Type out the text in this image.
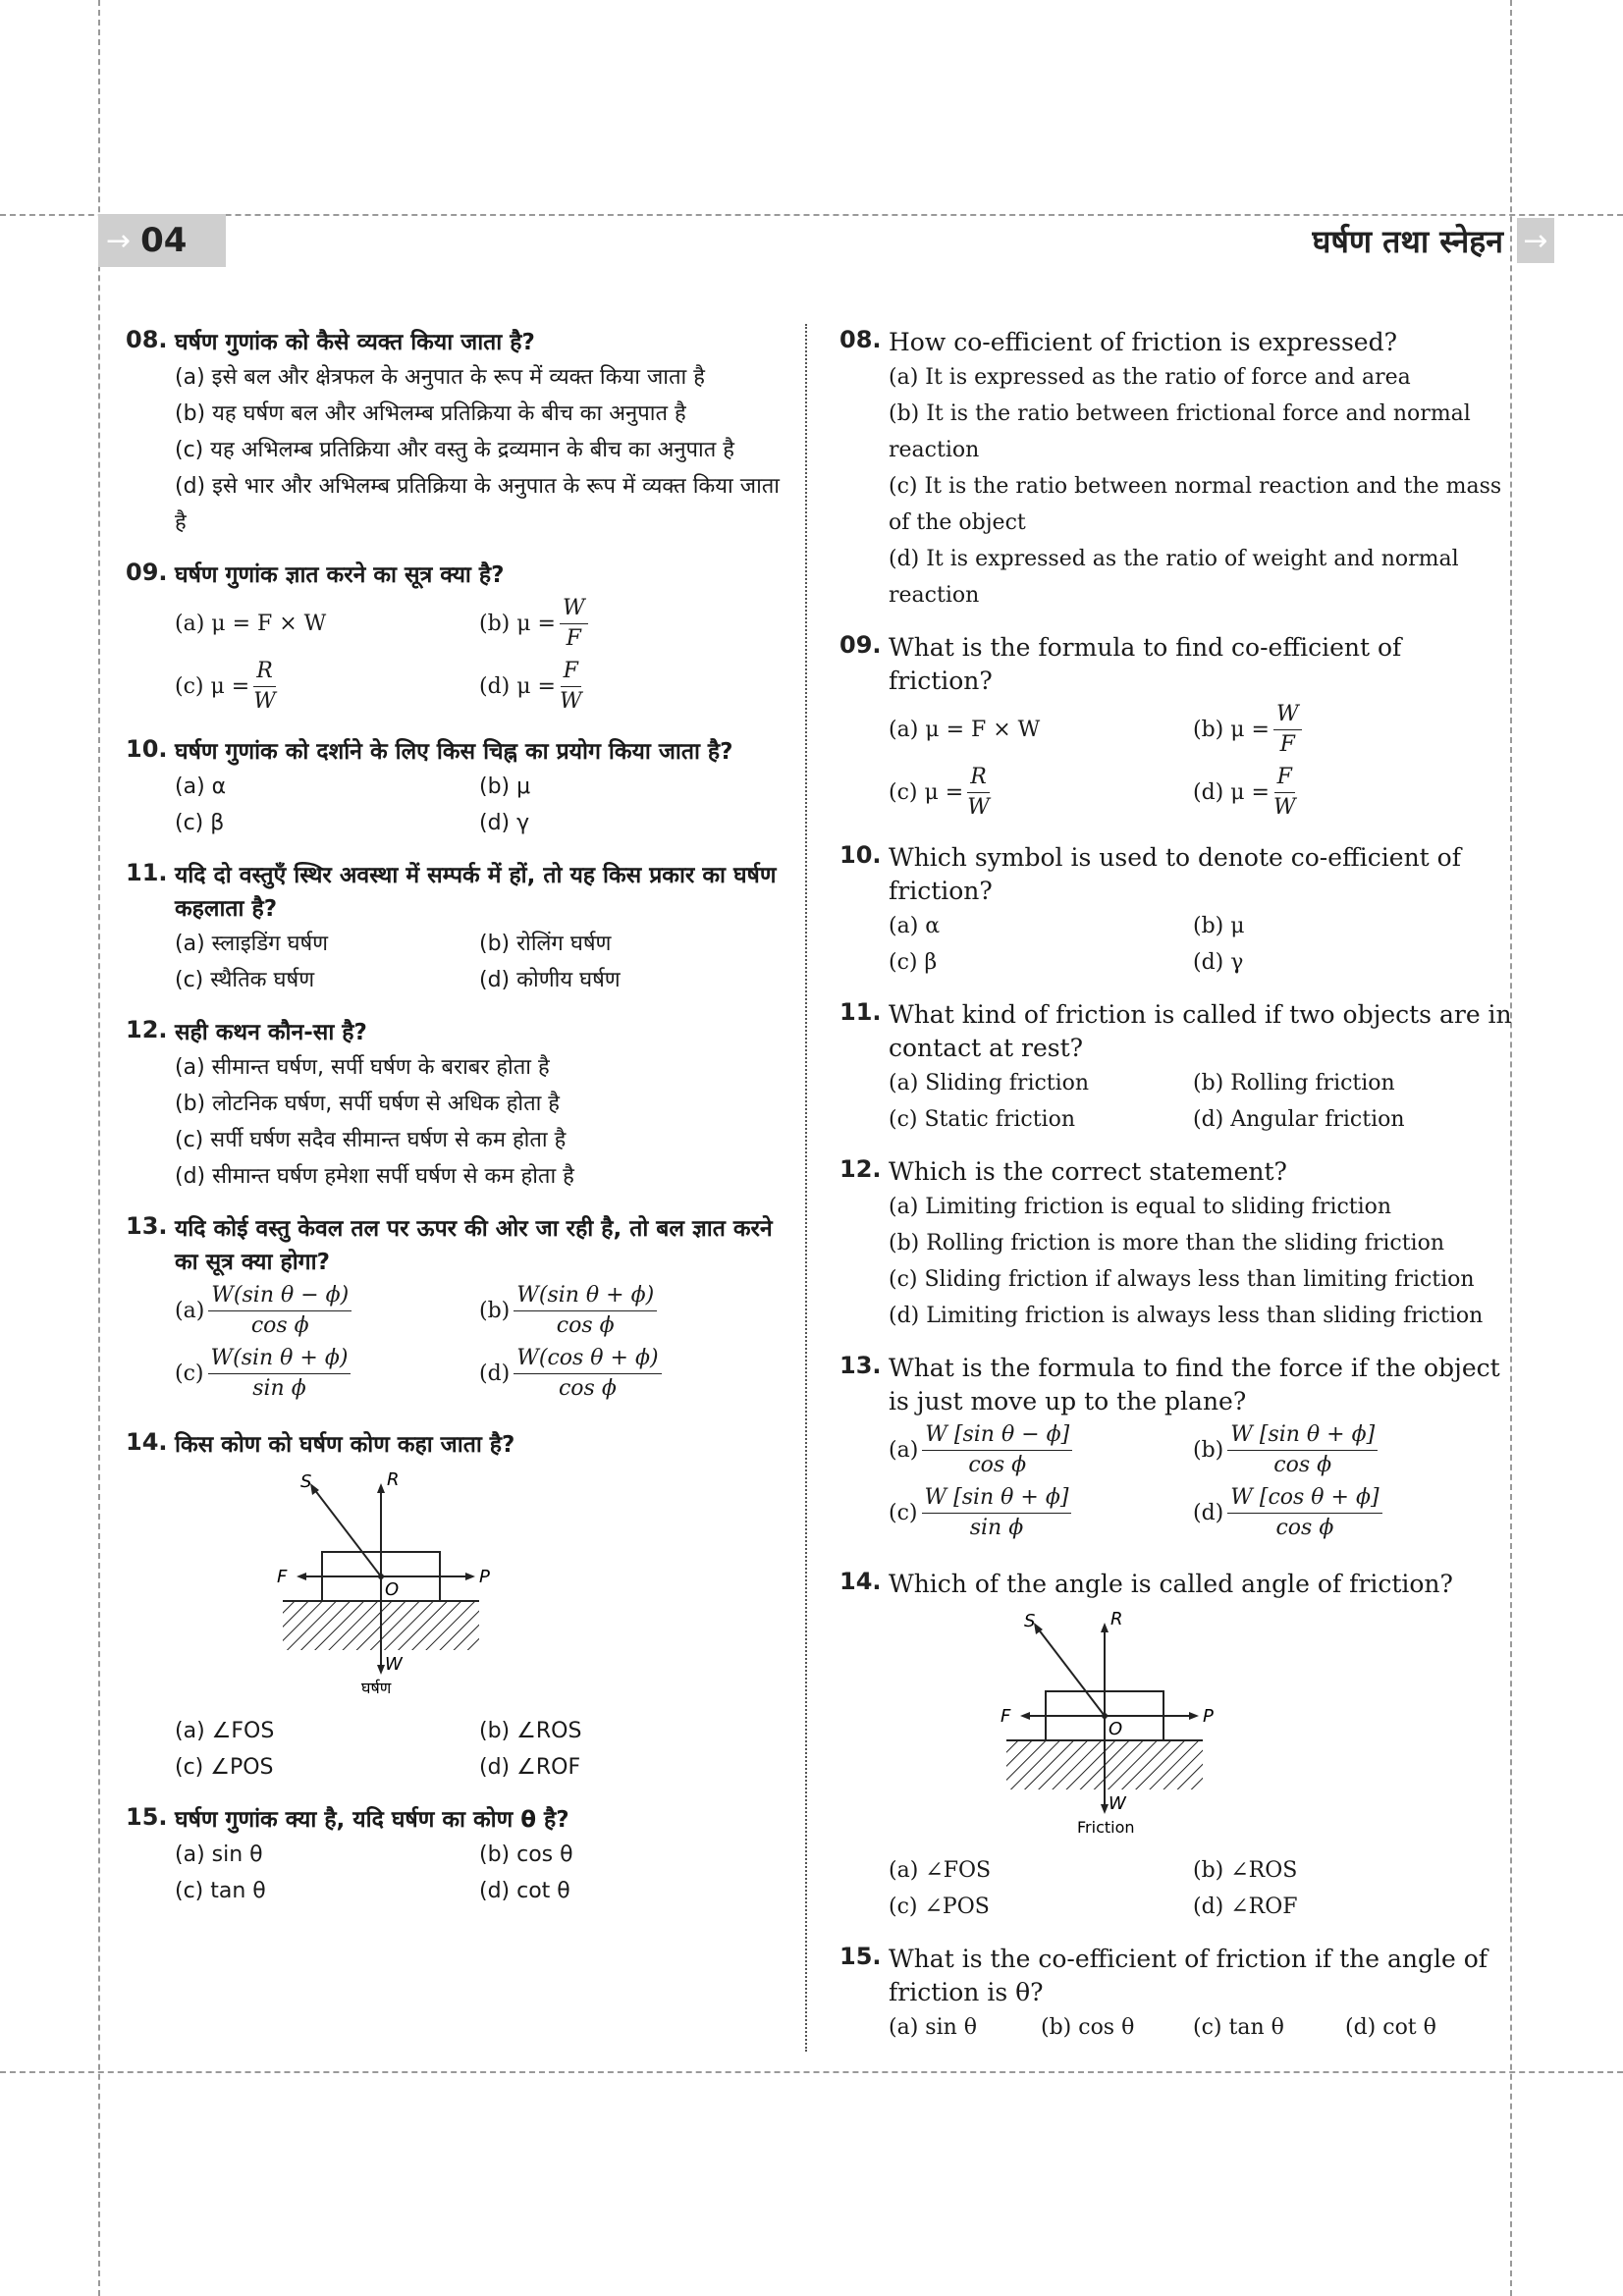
→ 04	घर्षण तथा स्नेहन →
08. घर्षण गुणांक को कैसे व्यक्त किया जाता है?
(a) इसे बल और क्षेत्रफल के अनुपात के रूप में व्यक्त किया जाता है
(b) यह घर्षण बल और अभिलम्ब प्रतिक्रिया के बीच का अनुपात है
(c) यह अभिलम्ब प्रतिक्रिया और वस्तु के द्रव्यमान के बीच का अनुपात है
(d) इसे भार और अभिलम्ब प्रतिक्रिया के अनुपात के रूप में व्यक्त किया जाता है
09. घर्षण गुणांक ज्ञात करने का सूत्र क्या है?
(a) μ = F × W	(b) $\mu = \frac{W}{F}$
(c) $\mu = \frac{R}{W}$	(d) $\mu = \frac{F}{W}$
10. घर्षण गुणांक को दर्शाने के लिए किस चिह्न का प्रयोग किया जाता है?
(a) α	(b) μ
(c) β	(d) γ
11. यदि दो वस्तुएँ स्थिर अवस्था में सम्पर्क में हों, तो यह किस प्रकार का घर्षण कहलाता है?
(a) स्लाइडिंग घर्षण	(b) रोलिंग घर्षण
(c) स्थैतिक घर्षण	(d) कोणीय घर्षण
12. सही कथन कौन-सा है?
(a) सीमान्त घर्षण, सर्पी घर्षण के बराबर होता है
(b) लोटनिक घर्षण, सर्पी घर्षण से अधिक होता है
(c) सर्पी घर्षण सदैव सीमान्त घर्षण से कम होता है
(d) सीमान्त घर्षण हमेशा सर्पी घर्षण से कम होता है
13. यदि कोई वस्तु केवल तल पर ऊपर की ओर जा रही है, तो बल ज्ञात करने का सूत्र क्या होगा?
$(a) \frac{\text{W(sin θ − ϕ)}}{\text{cos ϕ}}$	$(b) \frac{\text{W(sin θ + ϕ)}}{\text{cos ϕ}}$
$(c) \frac{\text{W(sin θ + ϕ)}}{\text{sin ϕ}}$	$(d) \frac{\text{W(cos θ + ϕ)}}{\text{cos ϕ}}$
14. किस कोण को घर्षण कोण कहा जाता है?
S	R
F	P
O
W
घर्षण
(a) ∠FOS	(b) ∠ROS
(c) ∠POS	(d) ∠ROF
15. घर्षण गुणांक क्या है, यदि घर्षण का कोण θ है?
(a) sin θ	(b) cos θ
(c) tan θ	(d) cot θ
08. How co-efficient of friction is expressed?
(a) It is expressed as the ratio of force and area
(b) It is the ratio between frictional force and normal reaction
(c) It is the ratio between normal reaction and the mass of the object
(d) It is expressed as the ratio of weight and normal reaction
09. What is the formula to find co-efficient of friction?
(a) μ = F × W	(b) $\mu = \frac{W}{F}$
(c) $\mu = \frac{R}{W}$	(d) $\mu = \frac{F}{W}$
10. Which symbol is used to denote co-efficient of friction?
(a) α	(b) μ
(c) β	(d) γ
11. What kind of friction is called if two objects are in contact at rest?
(a) Sliding friction	(b) Rolling friction
(c) Static friction	(d) Angular friction
12. Which is the correct statement?
(a) Limiting friction is equal to sliding friction
(b) Rolling friction is more than the sliding friction
(c) Sliding friction if always less than limiting friction
(d) Limiting friction is always less than sliding friction
13. What is the formula to find the force if the object is just move up to the plane?
$(a) \frac{\text{W [sin θ − ϕ]}}{\text{cos ϕ}}$	$(b) \frac{\text{W [sin θ + ϕ]}}{\text{cos ϕ}}$
$(c) \frac{\text{W [sin θ + ϕ]}}{\text{sin ϕ}}$	$(d) \frac{\text{W [cos θ + ϕ]}}{\text{cos ϕ}}$
14. Which of the angle is called angle of friction?
S	R
F	P
O
W
Friction
(a) ∠FOS	(b) ∠ROS
(c) ∠POS	(d) ∠ROF
15. What is the co-efficient of friction if the angle of friction is θ?
(a) sin θ	(b) cos θ	(c) tan θ	(d) cot θ
